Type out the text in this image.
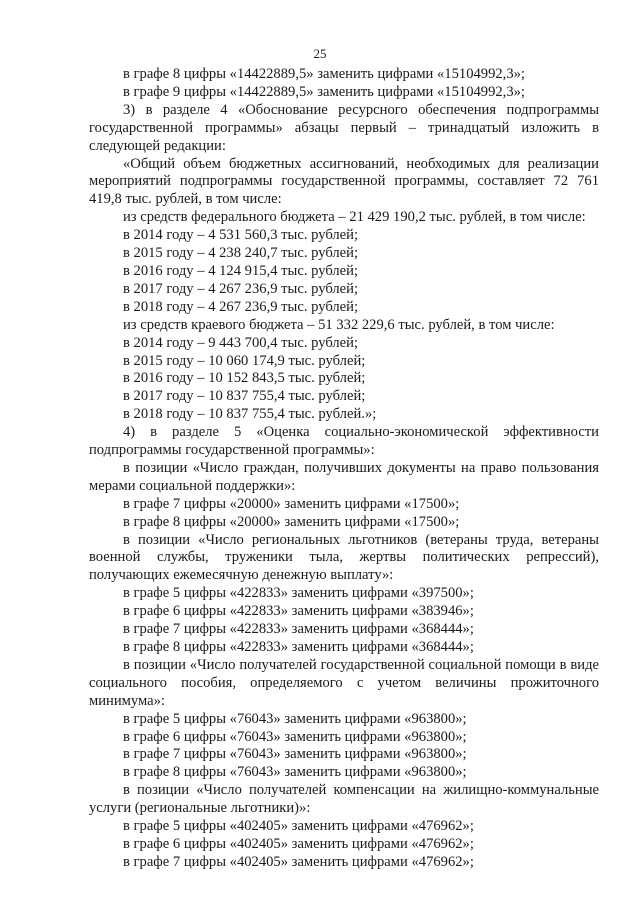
25

в графе 8 цифры «14422889,5» заменить цифрами «15104992,3»;

в графе 9 цифры «14422889,5» заменить цифрами «15104992,3»;

3) в разделе 4 «Обоснование ресурсного обеспечения подпрограммы государственной программы» абзацы первый – тринадцатый изложить в следующей редакции:

«Общий объем бюджетных ассигнований, необходимых для реализации мероприятий подпрограммы государственной программы, составляет 72 761 419,8 тыс. рублей, в том числе:

из средств федерального бюджета – 21 429 190,2 тыс. рублей, в том числе:

в 2014 году – 4 531 560,3 тыс. рублей;

в 2015 году – 4 238 240,7 тыс. рублей;

в 2016 году – 4 124 915,4 тыс. рублей;

в 2017 году – 4 267 236,9 тыс. рублей;

в 2018 году – 4 267 236,9 тыс. рублей;

из средств краевого бюджета – 51 332 229,6 тыс. рублей, в том числе:

в 2014 году – 9 443 700,4 тыс. рублей;

в 2015 году – 10 060 174,9 тыс. рублей;

в 2016 году – 10 152 843,5 тыс. рублей;

в 2017 году – 10 837 755,4 тыс. рублей;

в 2018 году – 10 837 755,4 тыс. рублей.»;

4) в разделе 5 «Оценка социально-экономической эффективности подпрограммы государственной программы»:

в позиции «Число граждан, получивших документы на право пользования мерами социальной поддержки»:

в графе 7 цифры «20000» заменить цифрами «17500»;

в графе 8 цифры «20000» заменить цифрами «17500»;

в позиции «Число региональных льготников (ветераны труда, ветераны военной службы, труженики тыла, жертвы политических репрессий), получающих ежемесячную денежную выплату»:

в графе 5 цифры «422833» заменить цифрами «397500»;

в графе 6 цифры «422833» заменить цифрами «383946»;

в графе 7 цифры «422833» заменить цифрами «368444»;

в графе 8 цифры «422833» заменить цифрами «368444»;

в позиции «Число получателей государственной социальной помощи в виде социального пособия, определяемого с учетом величины прожиточного минимума»:

в графе 5 цифры «76043» заменить цифрами «963800»;

в графе 6 цифры «76043» заменить цифрами «963800»;

в графе 7 цифры «76043» заменить цифрами «963800»;

в графе 8 цифры «76043» заменить цифрами «963800»;

в позиции «Число получателей компенсации на жилищно-коммунальные услуги (региональные льготники)»:

в графе 5 цифры «402405» заменить цифрами «476962»;

в графе 6 цифры «402405» заменить цифрами «476962»;

в графе 7 цифры «402405» заменить цифрами «476962»;
